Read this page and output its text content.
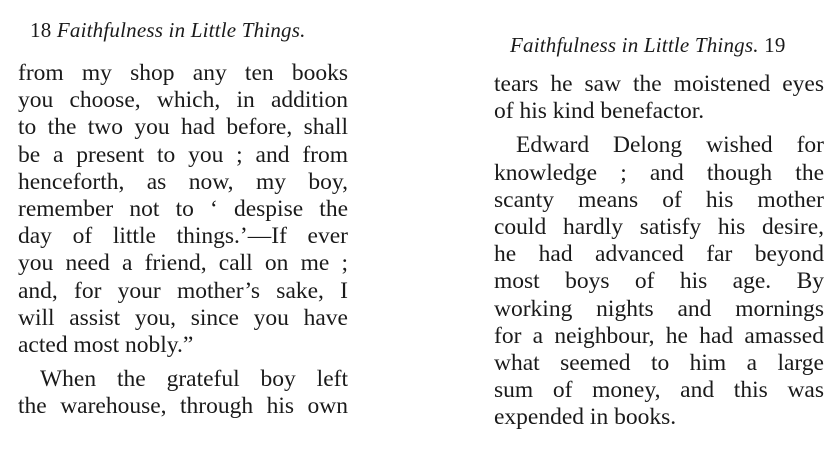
18 Faithfulness in Little Things.
from my shop any ten books
you choose, which, in addition
to the two you had before, shall
be a present to you ; and from
henceforth, as now, my boy,
remember not to ‘ despise the
day of little things.’—If ever
you need a friend, call on me ;
and, for your mother’s sake, I
will assist you, since you have
acted most nobly.”
When the grateful boy left
the warehouse, through his own
Faithfulness in Little Things. 19
tears he saw the moistened eyes
of his kind benefactor.
Edward Delong wished for
knowledge ; and though the
scanty means of his mother
could hardly satisfy his desire,
he had advanced far beyond
most boys of his age. By
working nights and mornings
for a neighbour, he had amassed
what seemed to him a large
sum of money, and this was
expended in books.
